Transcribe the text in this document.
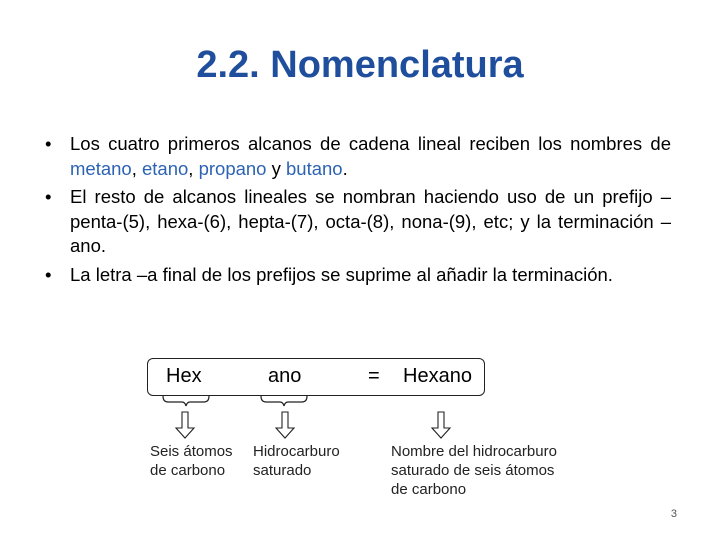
2.2. Nomenclatura
• Los cuatro primeros alcanos de cadena lineal reciben los nombres de metano, etano, propano y butano.
• El resto de alcanos lineales se nombran haciendo uso de un prefijo –penta-(5), hexa-(6), hepta-(7), octa-(8), nona-(9), etc; y la terminación –ano.
• La letra –a final de los prefijos se suprime al añadir la terminación.
Hex	ano	= Hexano
Seis átomos
de carbono
Hidrocarburo
saturado
Nombre del hidrocarburo
saturado de seis átomos
de carbono
3
